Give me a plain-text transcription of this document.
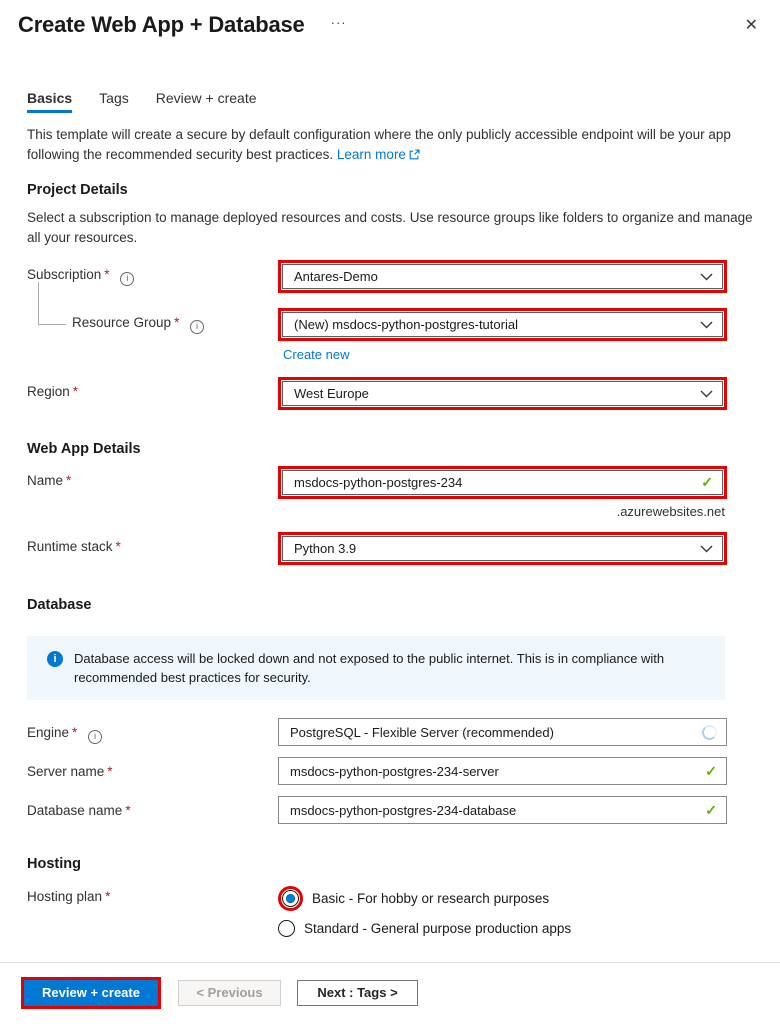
Create Web App + Database ···	✕
Basics Tags Review + create

This template will create a secure by default configuration where the only publicly accessible endpoint will be your app following the recommended security best practices. Learn more

Project Details

Select a subscription to manage deployed resources and costs. Use resource groups like folders to organize and manage all your resources.

Subscription * i	Antares-Demo
Resource Group * i	(New) msdocs-python-postgres-tutorial
Create new
Region *	West Europe
Web App Details
Name *	msdocs-python-postgres-234	✓
.azurewebsites.net
Runtime stack *	Python 3.9
Database
i	Database access will be locked down and not exposed to the public internet. This is in compliance with recommended best practices for security.
Engine * i	PostgreSQL - Flexible Server (recommended)
Server name *	msdocs-python-postgres-234-server	✓
Database name *	msdocs-python-postgres-234-database	✓
Hosting
Hosting plan *	Basic - For hobby or research purposes
Standard - General purpose production apps
Review + create	< Previous	Next : Tags >
